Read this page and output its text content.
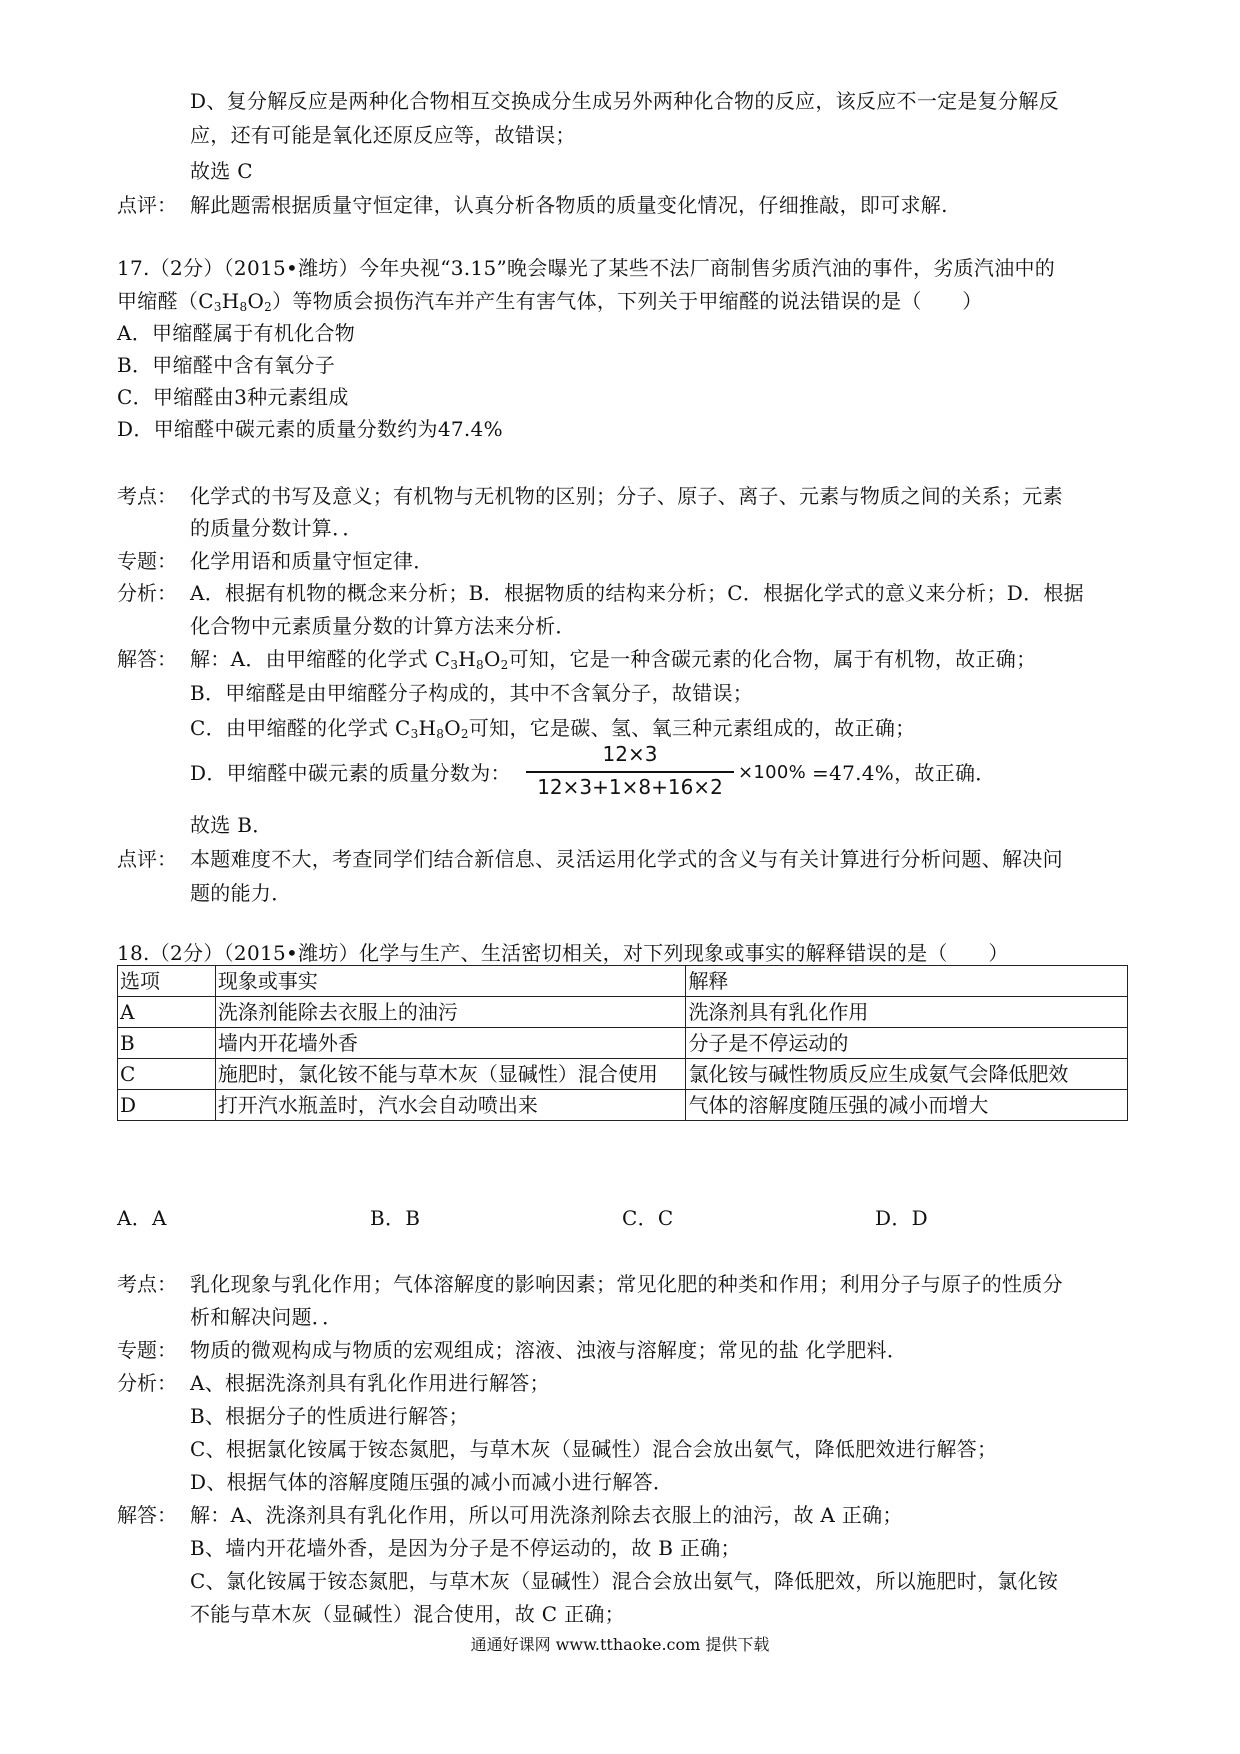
D、复分解反应是两种化合物相互交换成分生成另外两种化合物的反应，该反应不一定是复分解反
应，还有可能是氧化还原反应等，故错误；
故选 C
点评： 解此题需根据质量守恒定律，认真分析各物质的质量变化情况，仔细推敲，即可求解.
17.（2分）（2015•潍坊）今年央视“3.15”晚会曝光了某些不法厂商制售劣质汽油的事件，劣质汽油中的
甲缩醛$(C_3H_8O_2)$等物质会损伤汽车并产生有害气体，下列关于甲缩醛的说法错误的是（　　）
A．甲缩醛属于有机化合物
B．甲缩醛中含有氧分子
C．甲缩醛由3种元素组成
D．甲缩醛中碳元素的质量分数约为47.4%
考点： 化学式的书写及意义；有机物与无机物的区别；分子、原子、离子、元素与物质之间的关系；元素
的质量分数计算．．
专题： 化学用语和质量守恒定律．
分析： A．根据有机物的概念来分析；B．根据物质的结构来分析；C．根据化学式的意义来分析；D．根据
化合物中元素质量分数的计算方法来分析．
解答： 解：A．由甲缩醛的化学式 $C_3H_8O_2$可知，它是一种含碳元素的化合物，属于有机物，故正确；
B．甲缩醛是由甲缩醛分子构成的，其中不含氧分子，故错误；
C．由甲缩醛的化学式 $C_3H_8O_2$可知，它是碳、氢、氧三种元素组成的，故正确；
D．甲缩醛中碳元素的质量分数为：
12×3
12×3+1×8+16×2
×100% =47.4%，故正确．
故选 B．
点评： 本题难度不大，考查同学们结合新信息、灵活运用化学式的含义与有关计算进行分析问题、解决问
题的能力．
18.（2分）（2015•潍坊）化学与生产、生活密切相关，对下列现象或事实的解释错误的是（　　）
选项	现象或事实	解释
A	洗涤剂能除去衣服上的油污	洗涤剂具有乳化作用
B	墙内开花墙外香	分子是不停运动的
C	施肥时，氯化铵不能与草木灰（显碱性）混合使用	氯化铵与碱性物质反应生成氨气会降低肥效
D	打开汽水瓶盖时，汽水会自动喷出来	气体的溶解度随压强的减小而增大
A．A	B．B	C．C	D．D
考点： 乳化现象与乳化作用；气体溶解度的影响因素；常见化肥的种类和作用；利用分子与原子的性质分
析和解决问题．．
专题： 物质的微观构成与物质的宏观组成；溶液、浊液与溶解度；常见的盐 化学肥料．
分析： A、根据洗涤剂具有乳化作用进行解答；
B、根据分子的性质进行解答；
C、根据氯化铵属于铵态氮肥，与草木灰（显碱性）混合会放出氨气，降低肥效进行解答；
D、根据气体的溶解度随压强的减小而减小进行解答．
解答： 解：A、洗涤剂具有乳化作用，所以可用洗涤剂除去衣服上的油污，故 A 正确；
B、墙内开花墙外香，是因为分子是不停运动的，故 B 正确；
C、氯化铵属于铵态氮肥，与草木灰（显碱性）混合会放出氨气，降低肥效，所以施肥时，氯化铵
不能与草木灰（显碱性）混合使用，故 C 正确；
通通好课网 www.tthaoke.com 提供下载
